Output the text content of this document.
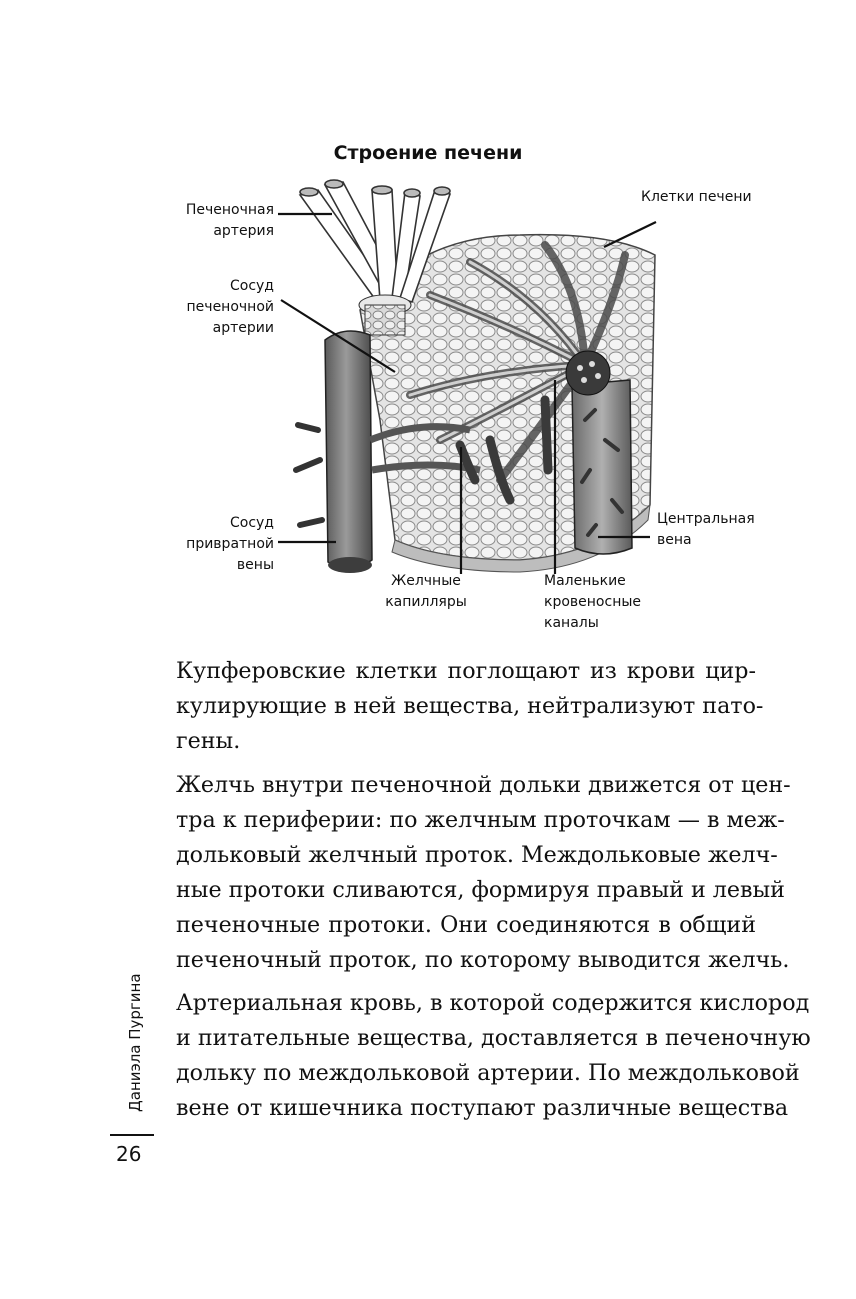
Строение печени
Печеночная
артерия
Сосуд
печеночной
артерии
Сосуд
привратной
вены
Клетки печени
Центральная
вена
Желчные
капилляры
Маленькие
кровеносные
каналы
Купферовские клетки поглощают из крови цир-
кулирующие в ней вещества, нейтрализуют пато-
гены.
Желчь внутри печеночной дольки движется от цен-
тра к периферии: по желчным проточкам — в меж-
дольковый желчный проток. Междольковые желч-
ные протоки сливаются, формируя правый и левый
печеночные протоки. Они соединяются в общий
печеночный проток, по которому выводится желчь.
Артериальная кровь, в которой содержится кислород
и питательные вещества, доставляется в печеночную
дольку по междольковой артерии. По междольковой
вене от кишечника поступают различные вещества
Даниэла Пургина
26
